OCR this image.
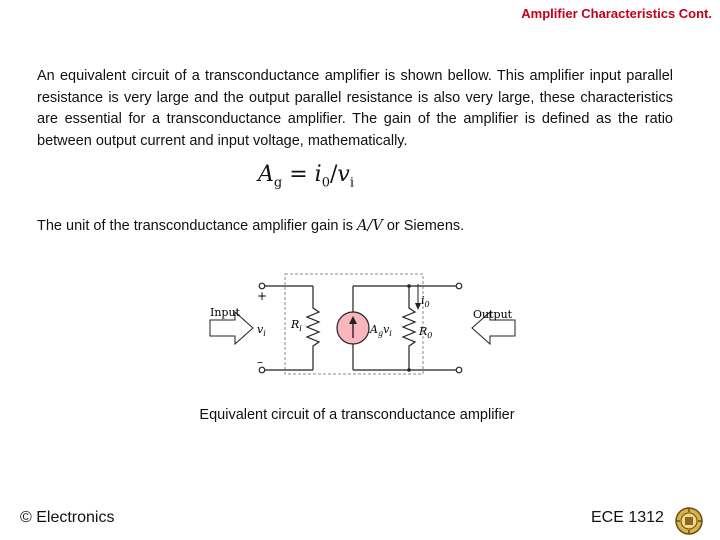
Amplifier Characteristics Cont.
An equivalent circuit of a transconductance amplifier is shown bellow. This amplifier input parallel resistance is very large and the output parallel resistance is also very large, these characteristics are essential for a transconductance amplifier. The gain of the amplifier is defined as the ratio between output current and input voltage, mathematically.
$A_g = i_0/v_i$
The unit of the transconductance amplifier gain is A/V or Siemens.
Input	Output
+
–
$v_i$
$R_i$	$A_gv_i$
$i_0$
$R_0$
Equivalent circuit of a transconductance amplifier
© Electronics	ECE 1312
